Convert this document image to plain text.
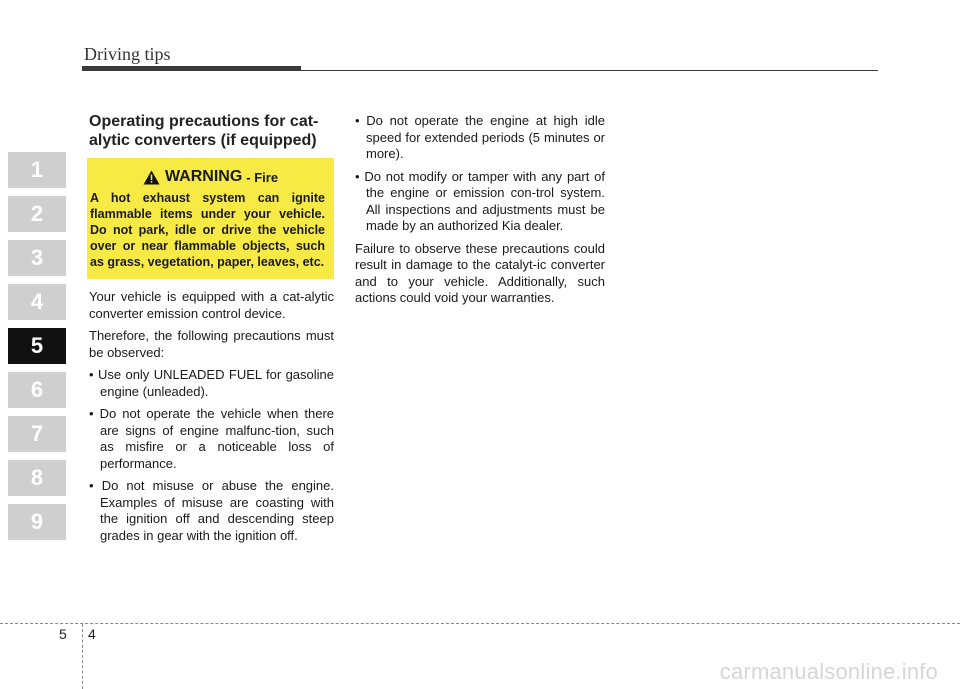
Driving tips
1
2
3
4
5
6
7
8
9
Operating precautions for cat-
alytic converters (if equipped)
WARNING - Fire
A hot exhaust system can ignite flammable items under your vehicle. Do not park, idle or drive the vehicle over or near flammable objects, such as grass, vegetation, paper, leaves, etc.

Your vehicle is equipped with a cat-alytic converter emission control device.

Therefore, the following precautions must be observed:

• Use only UNLEADED FUEL for gasoline engine (unleaded).
• Do not operate the vehicle when there are signs of engine malfunc-tion, such as misfire or a noticeable loss of performance.
• Do not misuse or abuse the engine. Examples of misuse are coasting with the ignition off and descending steep grades in gear with the ignition off.
• Do not operate the engine at high idle speed for extended periods (5 minutes or more).
• Do not modify or tamper with any part of the engine or emission con-trol system. All inspections and adjustments must be made by an authorized Kia dealer.

Failure to observe these precautions could result in damage to the catalyt-ic converter and to your vehicle. Additionally, such actions could void your warranties.

5 4
carmanualsonline.info
